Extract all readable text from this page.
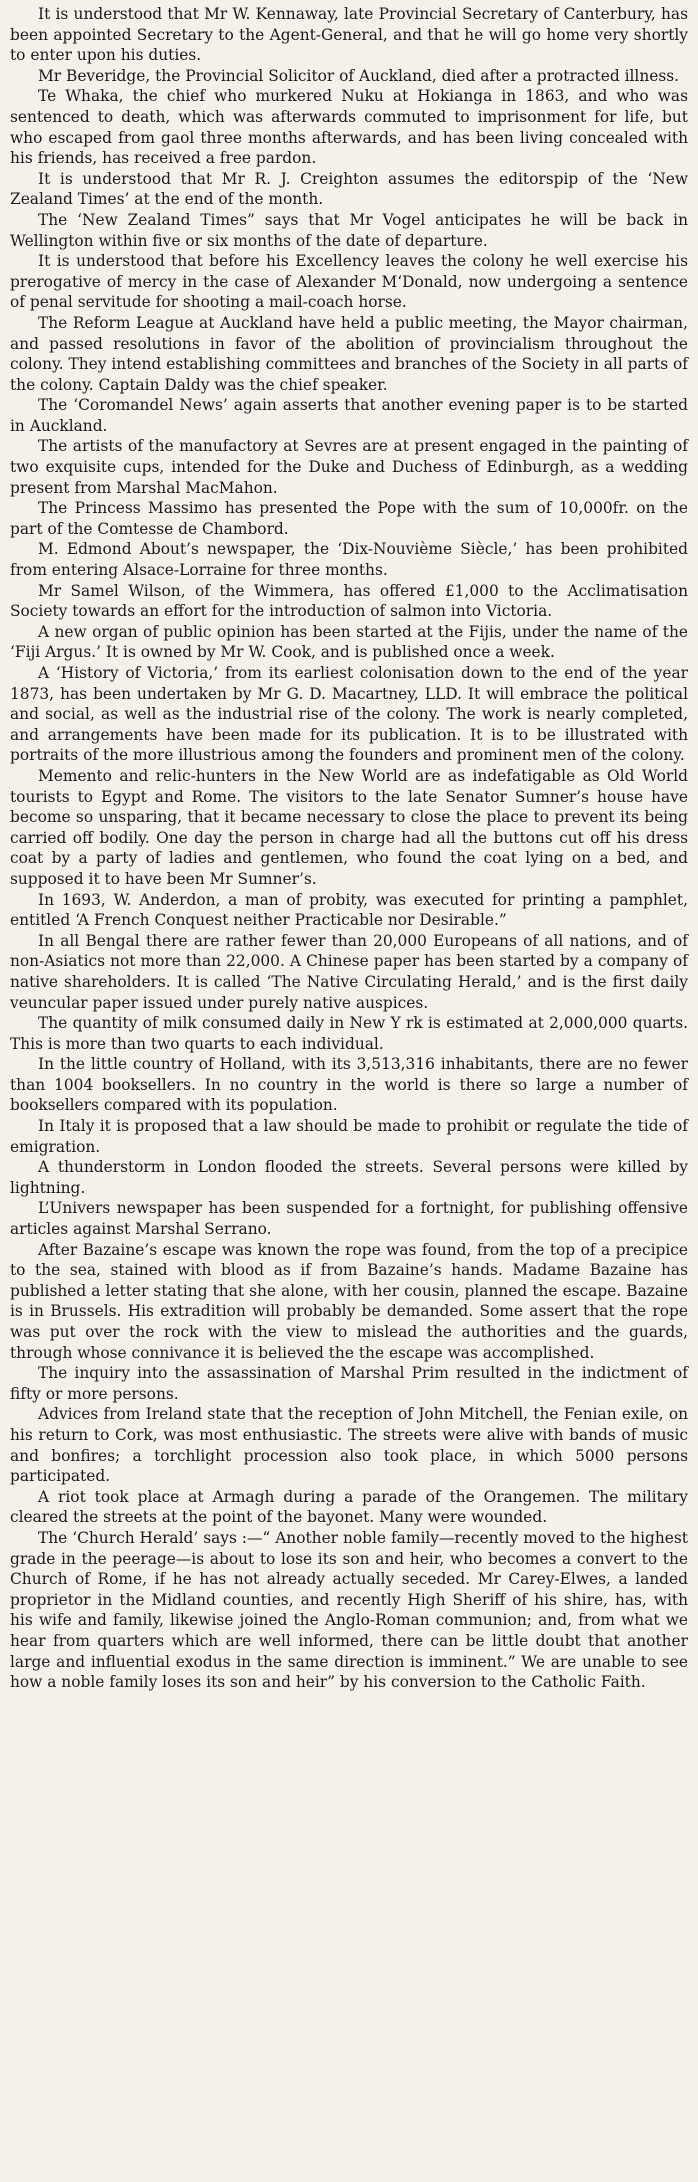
It is understood that Mr W. Kennaway, late Provincial Secretary of Canterbury, has been appointed Secretary to the Agent-General, and that he will go home very shortly to enter upon his duties.

Mr Beveridge, the Provincial Solicitor of Auckland, died after a protracted illness.

Te Whaka, the chief who murkered Nuku at Hokianga in 1863, and who was sentenced to death, which was afterwards commuted to imprisonment for life, but who escaped from gaol three months afterwards, and has been living concealed with his friends, has received a free pardon.

It is understood that Mr R. J. Creighton assumes the editorspip of the ‘New Zealand Times’ at the end of the month.

The ‘New Zealand Times” says that Mr Vogel anticipates he will be back in Wellington within five or six months of the date of departure.

It is understood that before his Excellency leaves the colony he well exercise his prerogative of mercy in the case of Alexander M‘Donald, now undergoing a sentence of penal servitude for shooting a mail-coach horse.

The Reform League at Auckland have held a public meeting, the Mayor chairman, and passed resolutions in favor of the abolition of provincialism throughout the colony. They intend establishing committees and branches of the Society in all parts of the colony. Captain Daldy was the chief speaker.

The ‘Coromandel News’ again asserts that another evening paper is to be started in Auckland.

The artists of the manufactory at Sevres are at present engaged in the painting of two exquisite cups, intended for the Duke and Duchess of Edinburgh, as a wedding present from Marshal MacMahon.

The Princess Massimo has presented the Pope with the sum of 10,000fr. on the part of the Comtesse de Chambord.

M. Edmond About’s newspaper, the ‘Dix-Nouvième Siècle,’ has been prohibited from entering Alsace-Lorraine for three months.

Mr Samel Wilson, of the Wimmera, has offered £1,000 to the Acclimatisation Society towards an effort for the introduction of salmon into Victoria.

A new organ of public opinion has been started at the Fijis, under the name of the ‘Fiji Argus.’ It is owned by Mr W. Cook, and is published once a week.

A ‘History of Victoria,’ from its earliest colonisation down to the end of the year 1873, has been undertaken by Mr G. D. Macartney, LLD. It will embrace the political and social, as well as the industrial rise of the colony. The work is nearly completed, and arrangements have been made for its publication. It is to be illustrated with portraits of the more illustrious among the founders and prominent men of the colony.

Memento and relic-hunters in the New World are as indefatigable as Old World tourists to Egypt and Rome. The visitors to the late Senator Sumner’s house have become so unsparing, that it became necessary to close the place to prevent its being carried off bodily. One day the person in charge had all the buttons cut off his dress coat by a party of ladies and gentlemen, who found the coat lying on a bed, and supposed it to have been Mr Sumner’s.

In 1693, W. Anderdon, a man of probity, was executed for printing a pamphlet, entitled ‘A French Conquest neither Practicable nor Desirable.”

In all Bengal there are rather fewer than 20,000 Europeans of all nations, and of non-Asiatics not more than 22,000. A Chinese paper has been started by a company of native shareholders. It is called ‘The Native Circulating Herald,’ and is the first daily veuncular paper issued under purely native auspices.

The quantity of milk consumed daily in New Y rk is estimated at 2,000,000 quarts. This is more than two quarts to each individual.

In the little country of Holland, with its 3,513,316 inhabitants, there are no fewer than 1004 booksellers. In no country in the world is there so large a number of booksellers compared with its population.

In Italy it is proposed that a law should be made to prohibit or regulate the tide of emigration.

A thunderstorm in London flooded the streets. Several persons were killed by lightning.

L’Univers newspaper has been suspended for a fortnight, for publishing offensive articles against Marshal Serrano.

After Bazaine’s escape was known the rope was found, from the top of a precipice to the sea, stained with blood as if from Bazaine’s hands. Madame Bazaine has published a letter stating that she alone, with her cousin, planned the escape. Bazaine is in Brussels. His extradition will probably be demanded. Some assert that the rope was put over the rock with the view to mislead the authorities and the guards, through whose connivance it is believed the the escape was accomplished.

The inquiry into the assassination of Marshal Prim resulted in the indictment of fifty or more persons.

Advices from Ireland state that the reception of John Mitchell, the Fenian exile, on his return to Cork, was most enthusiastic. The streets were alive with bands of music and bonfires; a torchlight procession also took place, in which 5000 persons participated.

A riot took place at Armagh during a parade of the Orangemen. The military cleared the streets at the point of the bayonet. Many were wounded.

The ‘Church Herald’ says :—“ Another noble family—recently moved to the highest grade in the peerage—is about to lose its son and heir, who becomes a convert to the Church of Rome, if he has not already actually seceded. Mr Carey-Elwes, a landed proprietor in the Midland counties, and recently High Sheriff of his shire, has, with his wife and family, likewise joined the Anglo-Roman communion; and, from what we hear from quarters which are well informed, there can be little doubt that another large and influential exodus in the same direction is imminent.” We are unable to see how a noble family loses its son and heir” by his conversion to the Catholic Faith.
